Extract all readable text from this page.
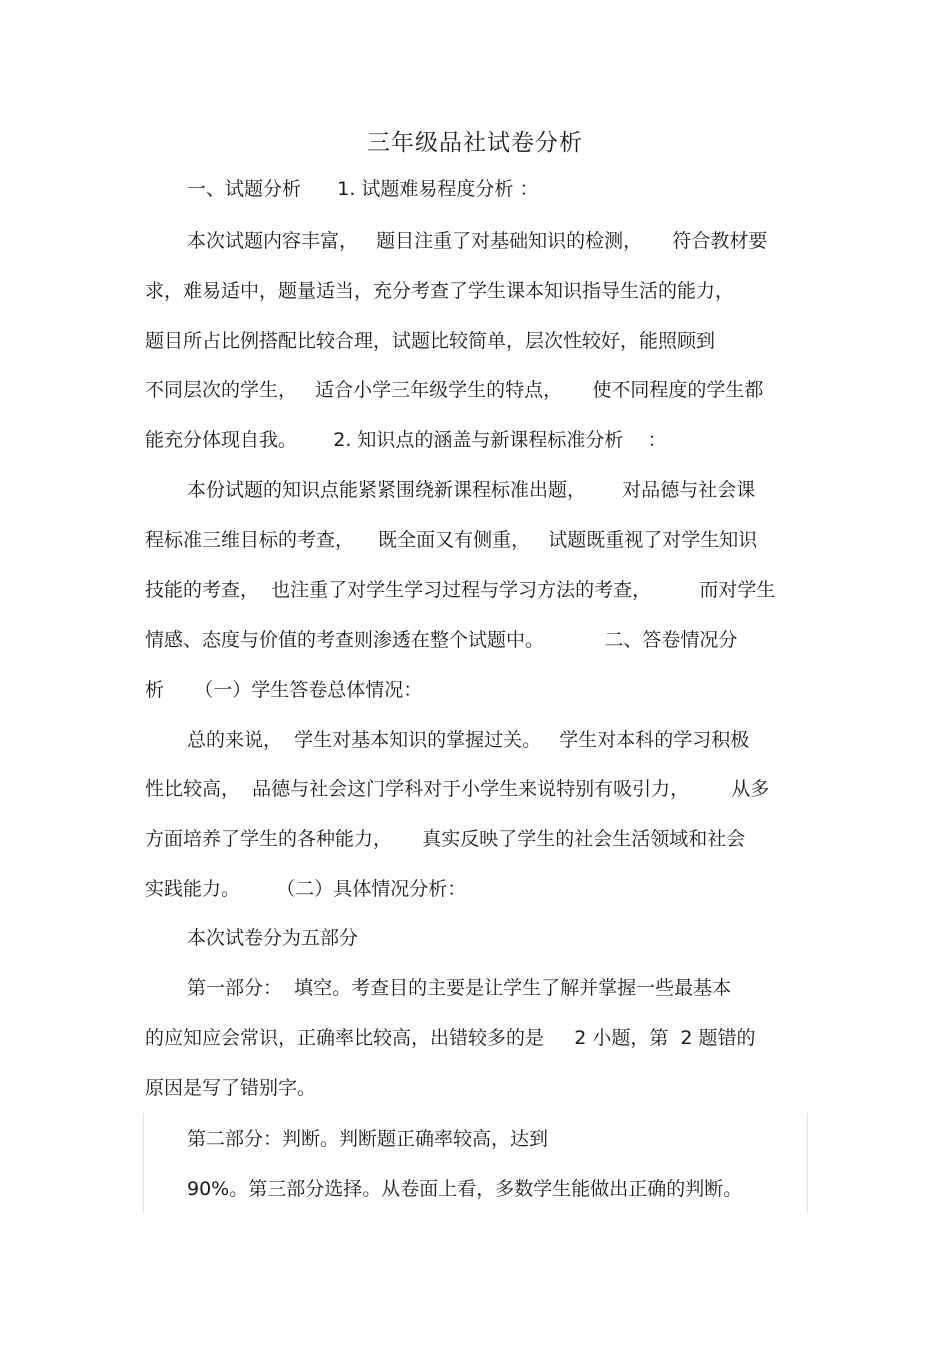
三年级品社试卷分析
一、试题分析      1. 试题难易程度分析 ：
本次试题内容丰富，   题目注重了对基础知识的检测，     符合教材要
求，难易适中，题量适当，充分考查了学生课本知识指导生活的能力，
题目所占比例搭配比较合理，试题比较简单，层次性较好，能照顾到
不同层次的学生，   适合小学三年级学生的特点，     使不同程度的学生都
能充分体现自我。      2. 知识点的涵盖与新课程标准分析    ：
本份试题的知识点能紧紧围绕新课程标准出题，      对品德与社会课
程标准三维目标的考查，    既全面又有侧重，   试题既重视了对学生知识
技能的考查，  也注重了对学生学习过程与学习方法的考查，        而对学生
情感、态度与价值的考查则渗透在整个试题中。          二、答卷情况分
析     （一）学生答卷总体情况：
总的来说，  学生对基本知识的掌握过关。   学生对本科的学习积极
性比较高，  品德与社会这门学科对于小学生来说特别有吸引力，       从多
方面培养了学生的各种能力，     真实反映了学生的社会生活领域和社会
实践能力。      （二）具体情况分析：
本次试卷分为五部分
第一部分：  填空。考查目的主要是让学生了解并掌握一些最基本
的应知应会常识，正确率比较高，出错较多的是     2 小题，第  2 题错的
原因是写了错别字。
第二部分：判断。判断题正确率较高，达到
90%。第三部分选择。从卷面上看，多数学生能做出正确的判断。
